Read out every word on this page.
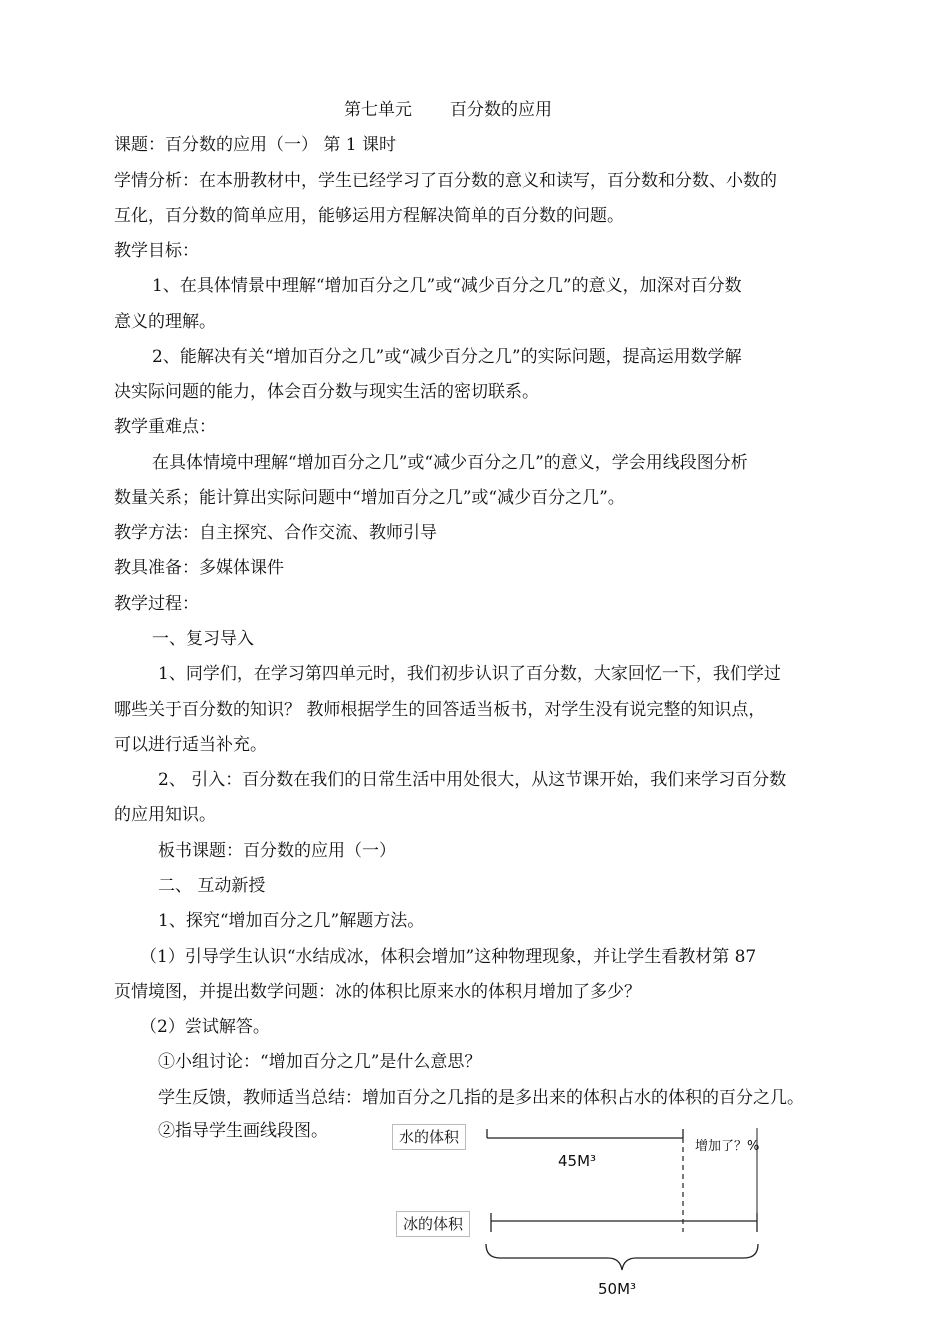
第七单元 百分数的应用
课题：百分数的应用（一） 第 1 课时
学情分析：在本册教材中，学生已经学习了百分数的意义和读写，百分数和分数、小数的
互化，百分数的简单应用，能够运用方程解决简单的百分数的问题。
教学目标：
1、在具体情景中理解“增加百分之几”或“减少百分之几”的意义，加深对百分数
意义的理解。
2、能解决有关“增加百分之几”或“减少百分之几”的实际问题，提高运用数学解
决实际问题的能力，体会百分数与现实生活的密切联系。
教学重难点：
在具体情境中理解“增加百分之几”或“减少百分之几”的意义，学会用线段图分析
数量关系；能计算出实际问题中“增加百分之几”或“减少百分之几”。
教学方法：自主探究、合作交流、教师引导
教具准备：多媒体课件
教学过程：
一、复习导入
1、同学们，在学习第四单元时，我们初步认识了百分数，大家回忆一下，我们学过
哪些关于百分数的知识？ 教师根据学生的回答适当板书，对学生没有说完整的知识点，
可以进行适当补充。
2、 引入：百分数在我们的日常生活中用处很大，从这节课开始，我们来学习百分数
的应用知识。
板书课题：百分数的应用（一）
二、 互动新授
1、探究“增加百分之几”解题方法。
（1）引导学生认识“水结成冰，体积会增加”这种物理现象，并让学生看教材第 87
页情境图，并提出数学问题：冰的体积比原来水的体积月增加了多少？
（2）尝试解答。
①小组讨论：“增加百分之几”是什么意思？
学生反馈，教师适当总结：增加百分之几指的是多出来的体积占水的体积的百分之几。
②指导学生画线段图。	水的体积
冰的体积
45M³
增加了？%
50M³
